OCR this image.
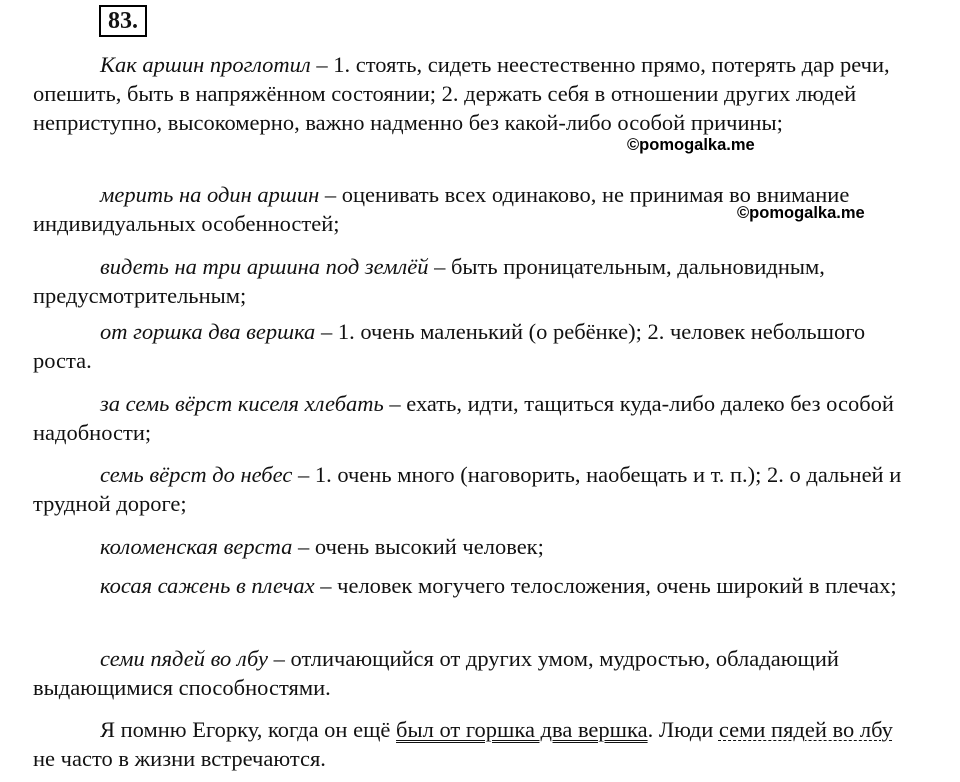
83.

Как аршин проглотил – 1. стоять, сидеть неестественно прямо, потерять дар речи, опешить, быть в напряжённом состоянии; 2. держать себя в отношении других людей неприступно, высокомерно, важно надменно без какой-либо особой причины;

мерить на один аршин – оценивать всех одинаково, не принимая во внимание индивидуальных особенностей;

видеть на три аршина под землёй – быть проницательным, дальновидным, предусмотрительным;

от горшка два вершка – 1. очень маленький (о ребёнке); 2. человек небольшого роста.

за семь вёрст киселя хлебать – ехать, идти, тащиться куда-либо далеко без особой надобности;

семь вёрст до небес – 1. очень много (наговорить, наобещать и т. п.); 2. о дальней и трудной дороге;

коломенская верста – очень высокий человек;

косая сажень в плечах – человек могучего телосложения, очень широкий в плечах;

семи пядей во лбу – отличающийся от других умом, мудростью, обладающий выдающимися способностями.

Я помню Егорку, когда он ещё был от горшка два вершка. Люди семи пядей во лбу не часто в жизни встречаются.

©pomogalka.me
©pomogalka.me
